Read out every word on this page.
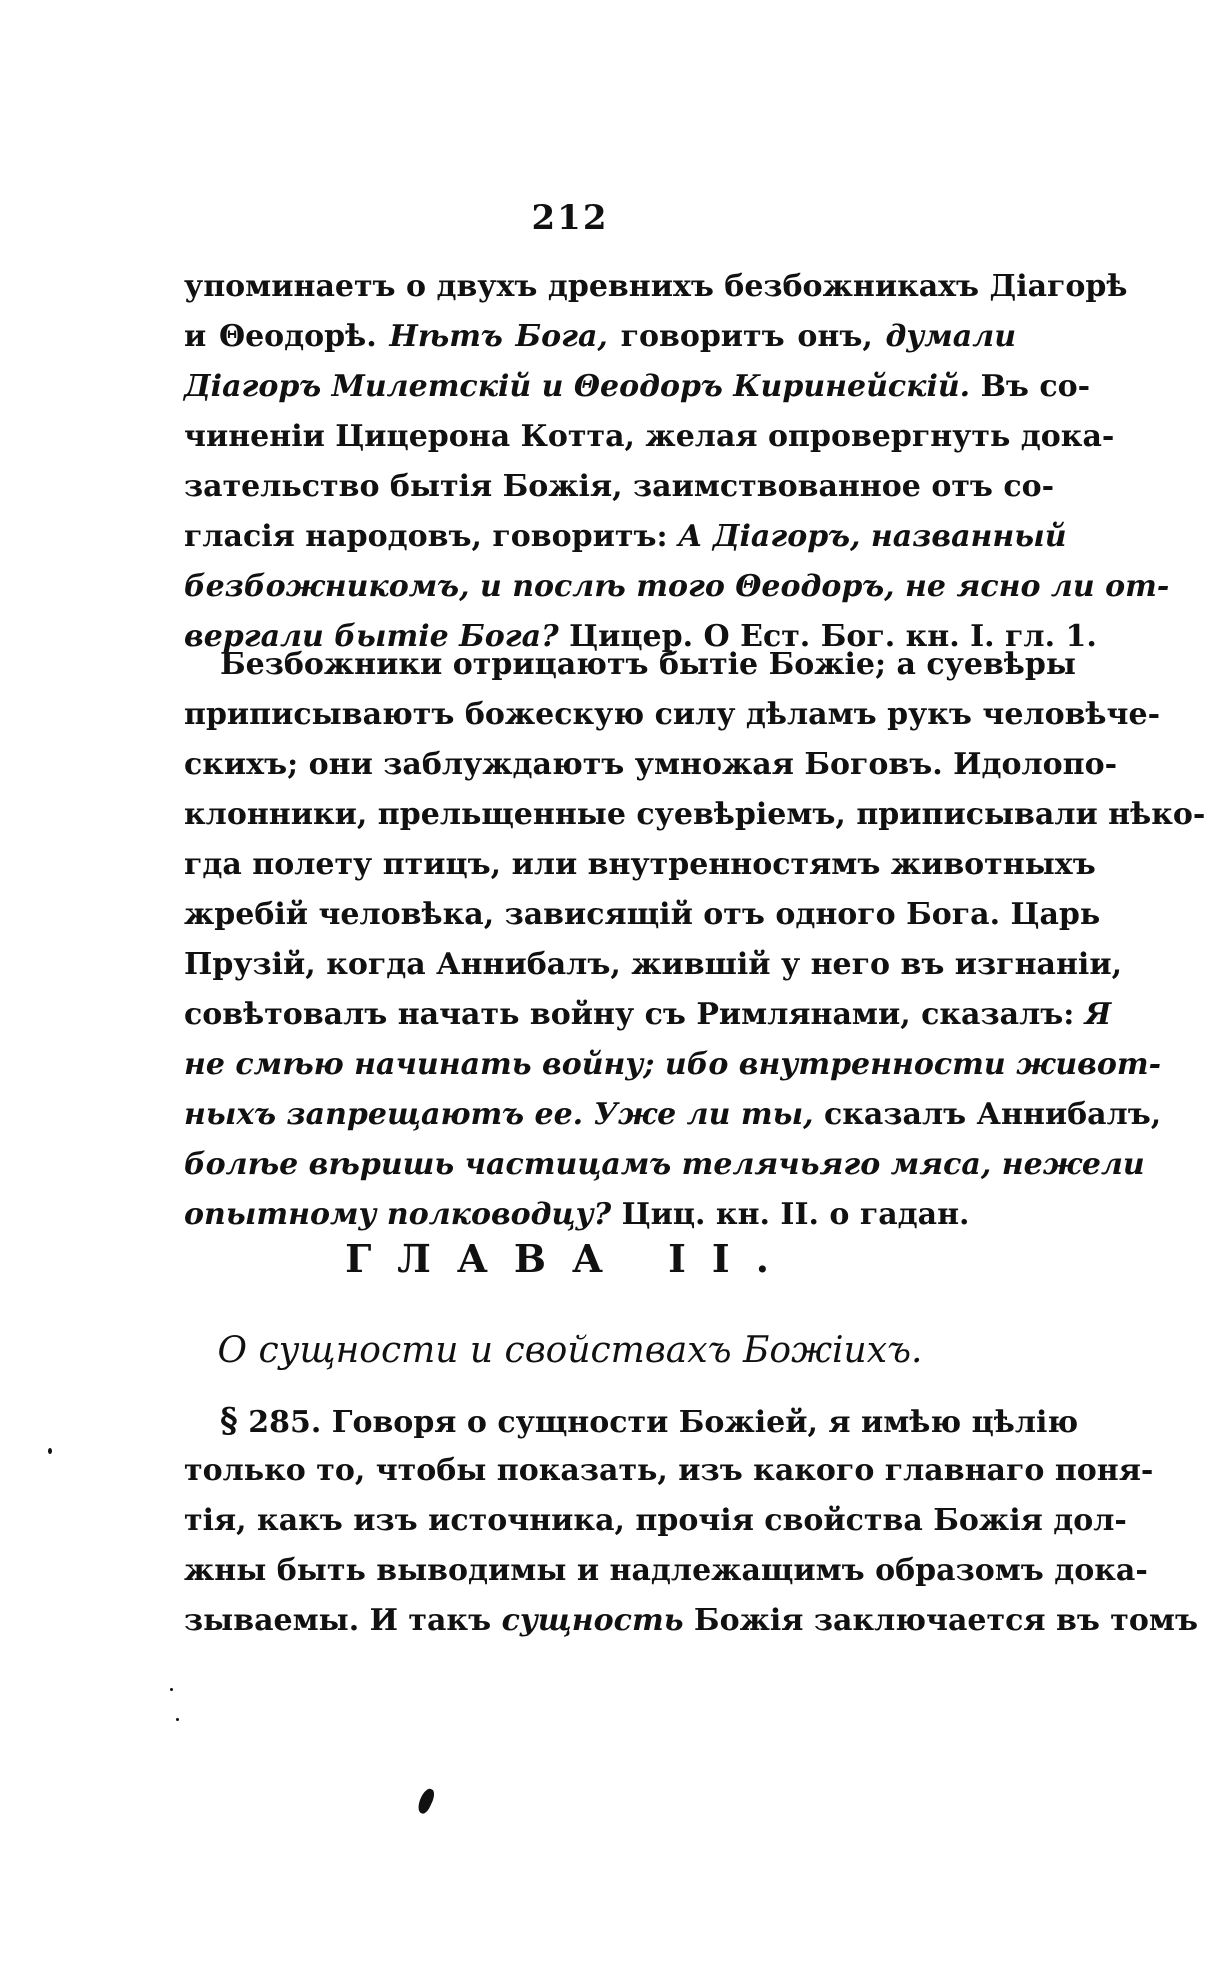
212
упоминаетъ о двухъ древнихъ безбожникахъ Діагорѣ
и Θеодорѣ. Нѣтъ Бога, говоритъ онъ, думали
Діагоръ Милетскій и Θеодоръ Киринейскій. Въ со-
чиненіи Цицерона Котта, желая опровергнуть дока-
зательство бытія Божія, заимствованное отъ со-
гласія народовъ, говоритъ: А Діагоръ, названный
безбожникомъ, и послѣ того Θеодоръ, не ясно ли от-
вергали бытіе Бога? Цицер. О Ест. Бог. кн. I. гл. 1.
Безбожники отрицаютъ бытіе Божіе; а суевѣры
приписываютъ божескую силу дѣламъ рукъ человѣче-
скихъ; они заблуждаютъ умножая Боговъ. Идолопо-
клонники, прельщенные суевѣріемъ, приписывали нѣко-
гда полету птицъ, или внутренностямъ животныхъ
жребій человѣка, зависящій отъ одного Бога. Царь
Прузій, когда Аннибалъ, жившій у него въ изгнаніи,
совѣтовалъ начать войну съ Римлянами, сказалъ: Я
не смѣю начинать войну; ибо внутренности живот-
ныхъ запрещаютъ ее. Уже ли ты, сказалъ Аннибалъ,
болѣе вѣришь частицамъ телячьяго мяса, нежели
опытному полководцу? Циц. кн. II. о гадан.
ГЛАВА II.
О сущности и свойствахъ Божіихъ.
§ 285. Говоря о сущности Божіей, я имѣю цѣлію
только то, чтобы показать, изъ какого главнаго поня-
тія, какъ изъ источника, прочія свойства Божія дол-
жны быть выводимы и надлежащимъ образомъ дока-
зываемы. И такъ сущность Божія заключается въ томъ
